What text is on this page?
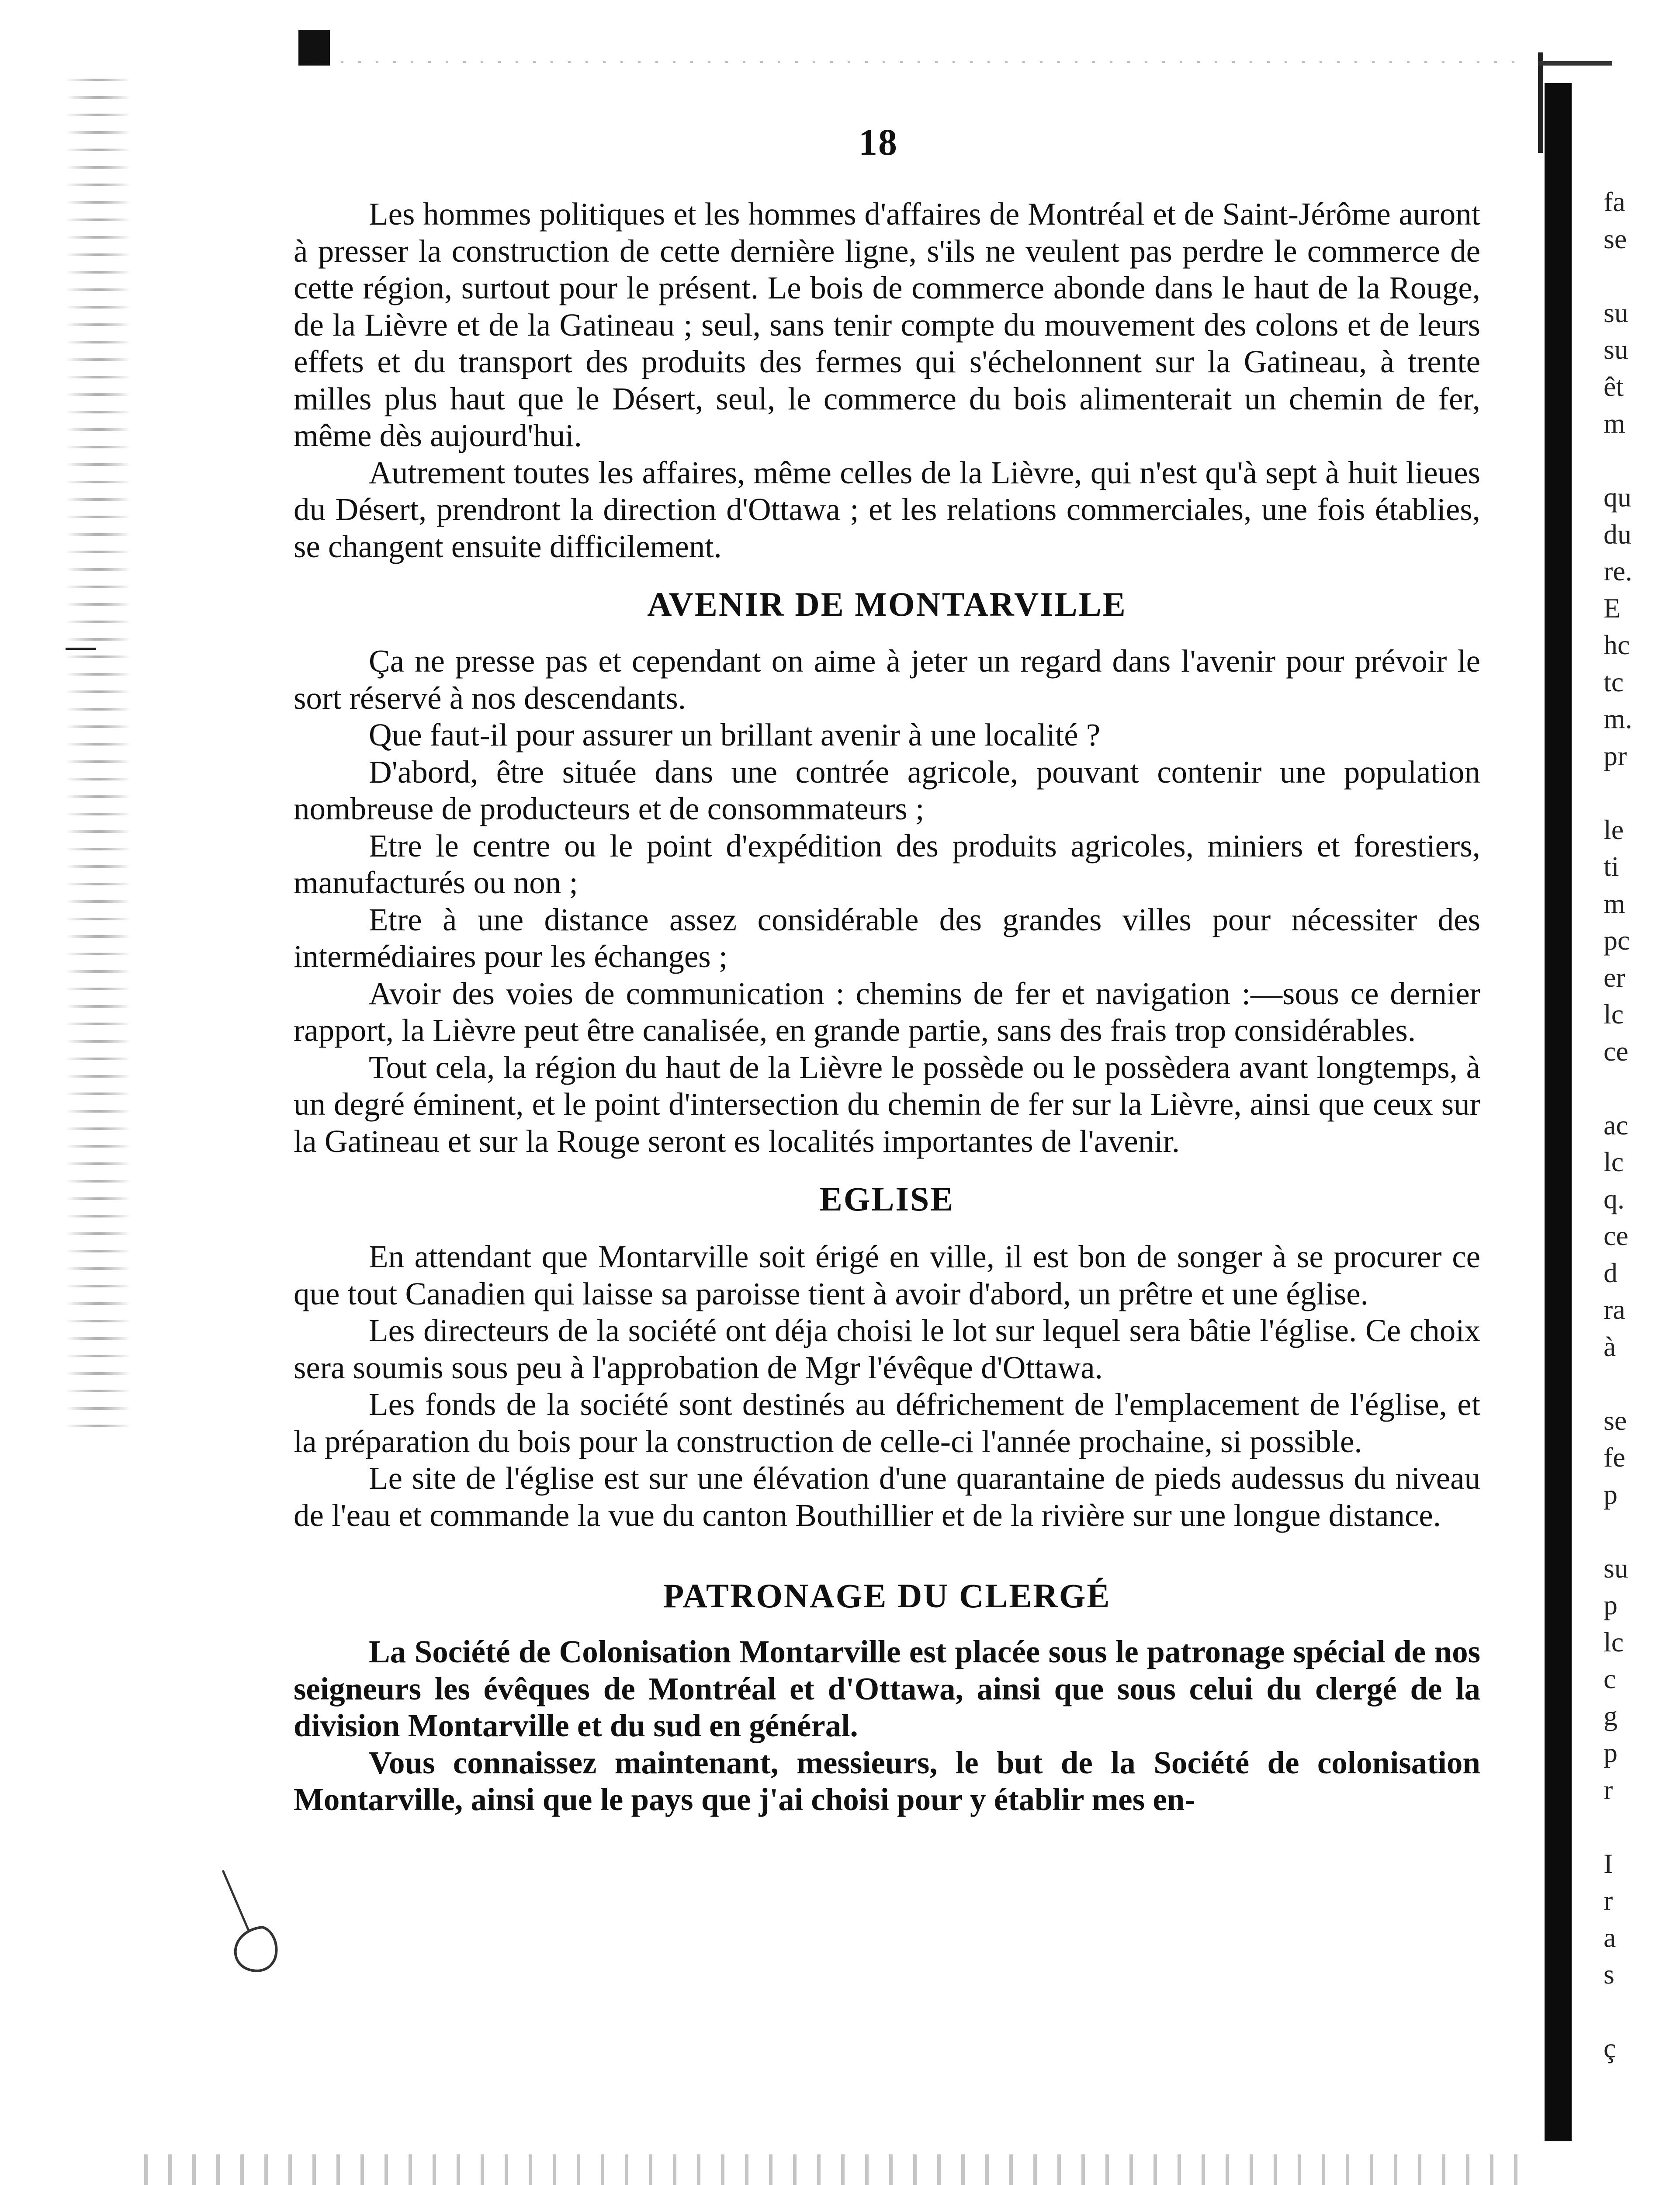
18

Les hommes politiques et les hommes d'affaires de Montréal et de Saint-Jérôme auront à presser la construction de cette dernière ligne, s'ils ne veulent pas perdre le commerce de cette région, surtout pour le présent. Le bois de commerce abonde dans le haut de la Rouge, de la Lièvre et de la Gatineau ; seul, sans tenir compte du mouvement des colons et de leurs effets et du transport des produits des fermes qui s'échelonnent sur la Gatineau, à trente milles plus haut que le Désert, seul, le commerce du bois alimenterait un chemin de fer, même dès aujourd'hui.

Autrement toutes les affaires, même celles de la Lièvre, qui n'est qu'à sept à huit lieues du Désert, prendront la direction d'Ottawa ; et les relations commerciales, une fois établies, se changent ensuite difficilement.

AVENIR DE MONTARVILLE

Ça ne presse pas et cependant on aime à jeter un regard dans l'avenir pour prévoir le sort réservé à nos descendants.

Que faut-il pour assurer un brillant avenir à une localité ?

D'abord, être située dans une contrée agricole, pouvant contenir une population nombreuse de producteurs et de consommateurs ;

Etre le centre ou le point d'expédition des produits agricoles, miniers et forestiers, manufacturés ou non ;

Etre à une distance assez considérable des grandes villes pour nécessiter des intermédiaires pour les échanges ;

Avoir des voies de communication : chemins de fer et navigation :—sous ce dernier rapport, la Lièvre peut être canalisée, en grande partie, sans des frais trop considérables.

Tout cela, la région du haut de la Lièvre le possède ou le possèdera avant longtemps, à un degré éminent, et le point d'intersection du chemin de fer sur la Lièvre, ainsi que ceux sur la Gatineau et sur la Rouge seront es localités importantes de l'avenir.

EGLISE

En attendant que Montarville soit érigé en ville, il est bon de songer à se procurer ce que tout Canadien qui laisse sa paroisse tient à avoir d'abord, un prêtre et une église.

Les directeurs de la société ont déja choisi le lot sur lequel sera bâtie l'église. Ce choix sera soumis sous peu à l'approbation de Mgr l'évêque d'Ottawa.

Les fonds de la société sont destinés au défrichement de l'emplacement de l'église, et la préparation du bois pour la construction de celle-ci l'année prochaine, si possible.

Le site de l'église est sur une élévation d'une quarantaine de pieds audessus du niveau de l'eau et commande la vue du canton Bouthillier et de la rivière sur une longue distance.

PATRONAGE DU CLERGÉ

La Société de Colonisation Montarville est placée sous le patronage spécial de nos seigneurs les évêques de Montréal et d'Ottawa, ainsi que sous celui du clergé de la division Montarville et du sud en général.

Vous connaissez maintenant, messieurs, le but de la Société de colonisation Montarville, ainsi que le pays que j'ai choisi pour y établir mes en-

fa
se
su
su
êt
m
qu
du
re.
E
hc
tc
m.
pr
le
ti
m
pc
er
lc
ce
ac
lc
q.
ce
d
ra
à
se
fe
p
su
p
lc
c
g
p
r
I
r
a
s
ç
